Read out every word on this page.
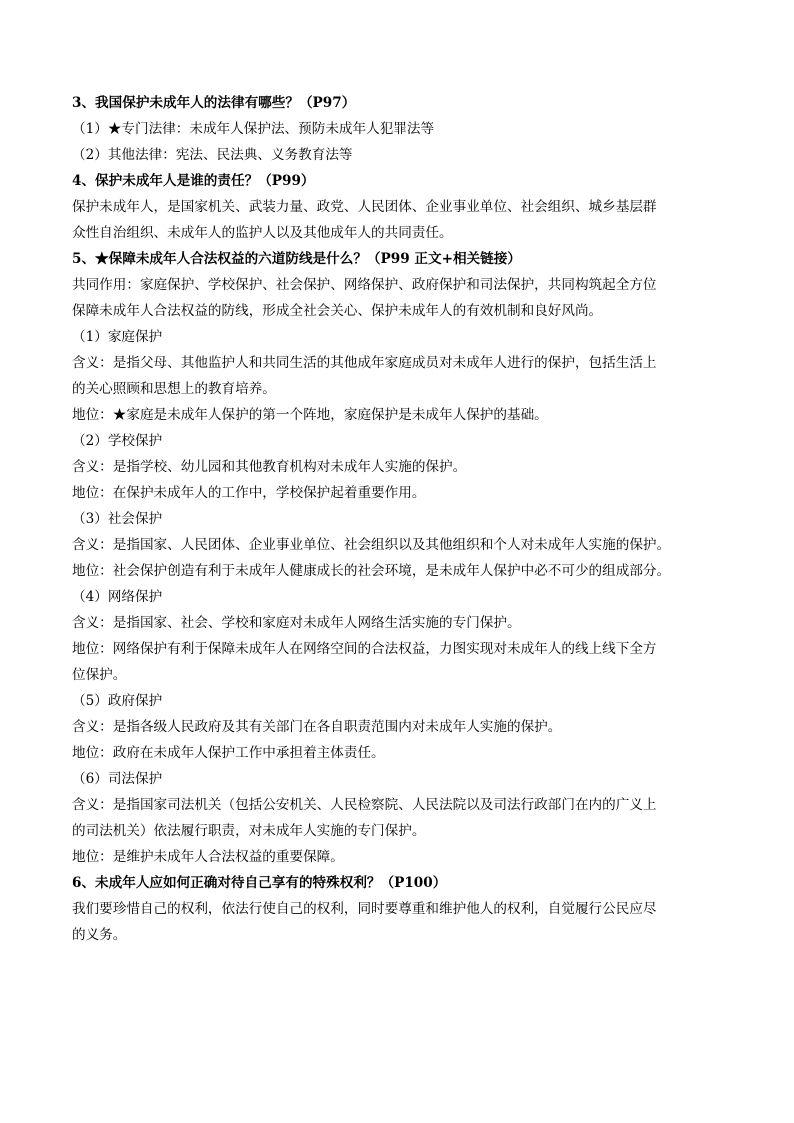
3、我国保护未成年人的法律有哪些？（P97）

（1）★专门法律：未成年人保护法、预防未成年人犯罪法等

（2）其他法律：宪法、民法典、义务教育法等

4、保护未成年人是谁的责任？（P99）

保护未成年人，是国家机关、武装力量、政党、人民团体、企业事业单位、社会组织、城乡基层群

众性自治组织、未成年人的监护人以及其他成年人的共同责任。

5、★保障未成年人合法权益的六道防线是什么？（P99 正文+相关链接）

共同作用：家庭保护、学校保护、社会保护、网络保护、政府保护和司法保护，共同构筑起全方位

保障未成年人合法权益的防线，形成全社会关心、保护未成年人的有效机制和良好风尚。

（1）家庭保护

含义：是指父母、其他监护人和共同生活的其他成年家庭成员对未成年人进行的保护，包括生活上

的关心照顾和思想上的教育培养。

地位：★家庭是未成年人保护的第一个阵地，家庭保护是未成年人保护的基础。

（2）学校保护

含义：是指学校、幼儿园和其他教育机构对未成年人实施的保护。

地位：在保护未成年人的工作中，学校保护起着重要作用。

（3）社会保护

含义：是指国家、人民团体、企业事业单位、社会组织以及其他组织和个人对未成年人实施的保护。

地位：社会保护创造有利于未成年人健康成长的社会环境，是未成年人保护中必不可少的组成部分。

（4）网络保护

含义：是指国家、社会、学校和家庭对未成年人网络生活实施的专门保护。

地位：网络保护有利于保障未成年人在网络空间的合法权益，力图实现对未成年人的线上线下全方

位保护。

（5）政府保护

含义：是指各级人民政府及其有关部门在各自职责范围内对未成年人实施的保护。

地位：政府在未成年人保护工作中承担着主体责任。

（6）司法保护

含义：是指国家司法机关（包括公安机关、人民检察院、人民法院以及司法行政部门在内的广义上

的司法机关）依法履行职责，对未成年人实施的专门保护。

地位：是维护未成年人合法权益的重要保障。

6、未成年人应如何正确对待自己享有的特殊权利？（P100）

我们要珍惜自己的权利，依法行使自己的权利，同时要尊重和维护他人的权利，自觉履行公民应尽

的义务。
